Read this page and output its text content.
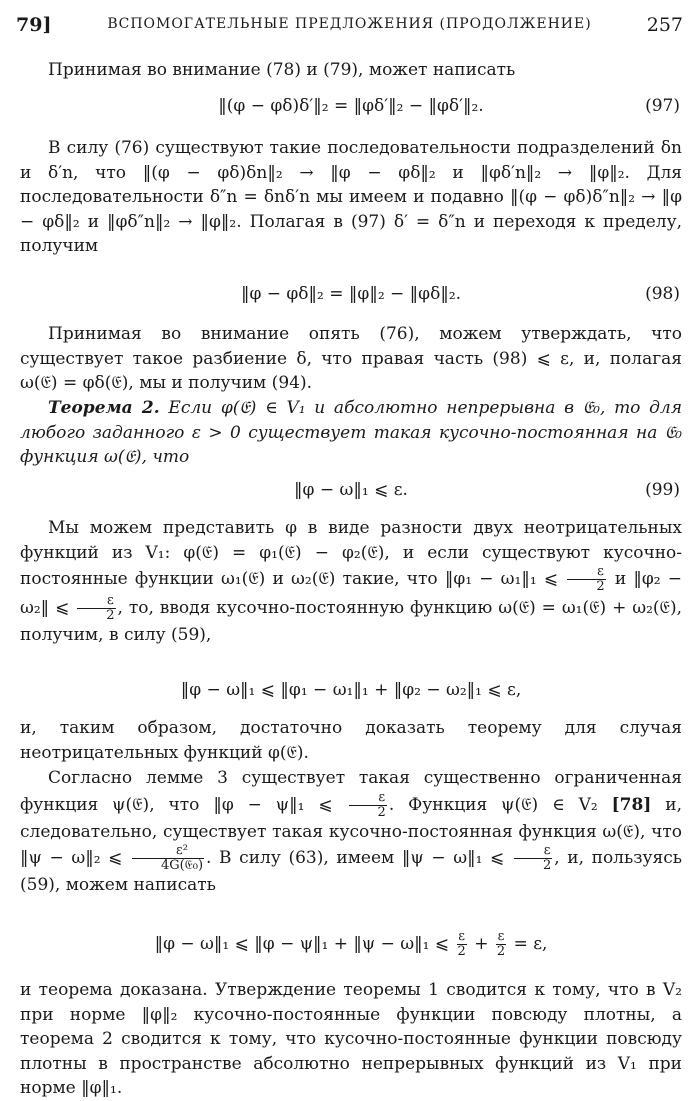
79]	ВСПОМОГАТЕЛЬНЫЕ ПРЕДЛОЖЕНИЯ (ПРОДОЛЖЕНИЕ)	257

Принимая во внимание (78) и (79), может написать

‖(φ − φδ)δ′‖₂ = ‖φδ′‖₂ − ‖φδ′‖₂.	(97)

В силу (76) существуют такие последовательности подразделений δn и δ′n, что ‖(φ − φδ)δn‖₂ → ‖φ − φδ‖₂ и ‖φδ′n‖₂ → ‖φ‖₂. Для последовательности δ″n = δnδ′n мы имеем и подавно ‖(φ − φδ)δ″n‖₂ → ‖φ − φδ‖₂ и ‖φδ″n‖₂ → ‖φ‖₂. Полагая в (97) δ′ = δ″n и переходя к пределу, получим

‖φ − φδ‖₂ = ‖φ‖₂ − ‖φδ‖₂.	(98)

Принимая во внимание опять (76), можем утверждать, что существует такое разбиение δ, что правая часть (98) ⩽ ε, и, полагая ω(𝔈) = φδ(𝔈), мы и получим (94).

Теорема 2. Если φ(𝔈) ∈ V₁ и абсолютно непрерывна в 𝔈₀, то для любого заданного ε > 0 существует такая кусочно-постоянная на 𝔈₀ функция ω(𝔈), что

‖φ − ω‖₁ ⩽ ε.	(99)

Мы можем представить φ в виде разности двух неотрицательных функций из V₁: φ(𝔈) = φ₁(𝔈) − φ₂(𝔈), и если существуют кусочно-постоянные функции ω₁(𝔈) и ω₂(𝔈) такие, что ‖φ₁ − ω₁‖₁ ⩽ $\frac{\varepsilon}{2}$ и ‖φ₂ − ω₂‖ ⩽ $\frac{\varepsilon}{2}$ , то, вводя кусочно-постоянную функцию ω(𝔈) = ω₁(𝔈) + ω₂(𝔈), получим, в силу (59),

‖φ − ω‖₁ ⩽ ‖φ₁ − ω₁‖₁ + ‖φ₂ − ω₂‖₁ ⩽ ε,

и, таким образом, достаточно доказать теорему для случая неотрицательных функций φ(𝔈).

Согласно лемме 3 существует такая существенно ограниченная функция ψ(𝔈), что ‖φ − ψ‖₁ ⩽ $\frac{\varepsilon}{2}$ . Функция ψ(𝔈) ∈ V₂ [78] и, следовательно, существует такая кусочно-постоянная функция ω(𝔈), что ‖ψ − ω‖₂ ⩽	ε²
4G(𝔈₀) . В силу (63), имеем ‖ψ − ω‖₁ ⩽ $\frac{\varepsilon}{2}$ , и, пользуясь (59), можем написать

‖φ − ω‖₁ ⩽ ‖φ − ψ‖₁ + ‖ψ − ω‖₁ ⩽ $\frac{\varepsilon}{2} + \frac{\varepsilon}{2} = \varepsilon$,

и теорема доказана. Утверждение теоремы 1 сводится к тому, что в V₂ при норме ‖φ‖₂ кусочно-постоянные функции повсюду плотны, а теорема 2 сводится к тому, что кусочно-постоянные функции повсюду плотны в пространстве абсолютно непрерывных функций из V₁ при норме ‖φ‖₁.
